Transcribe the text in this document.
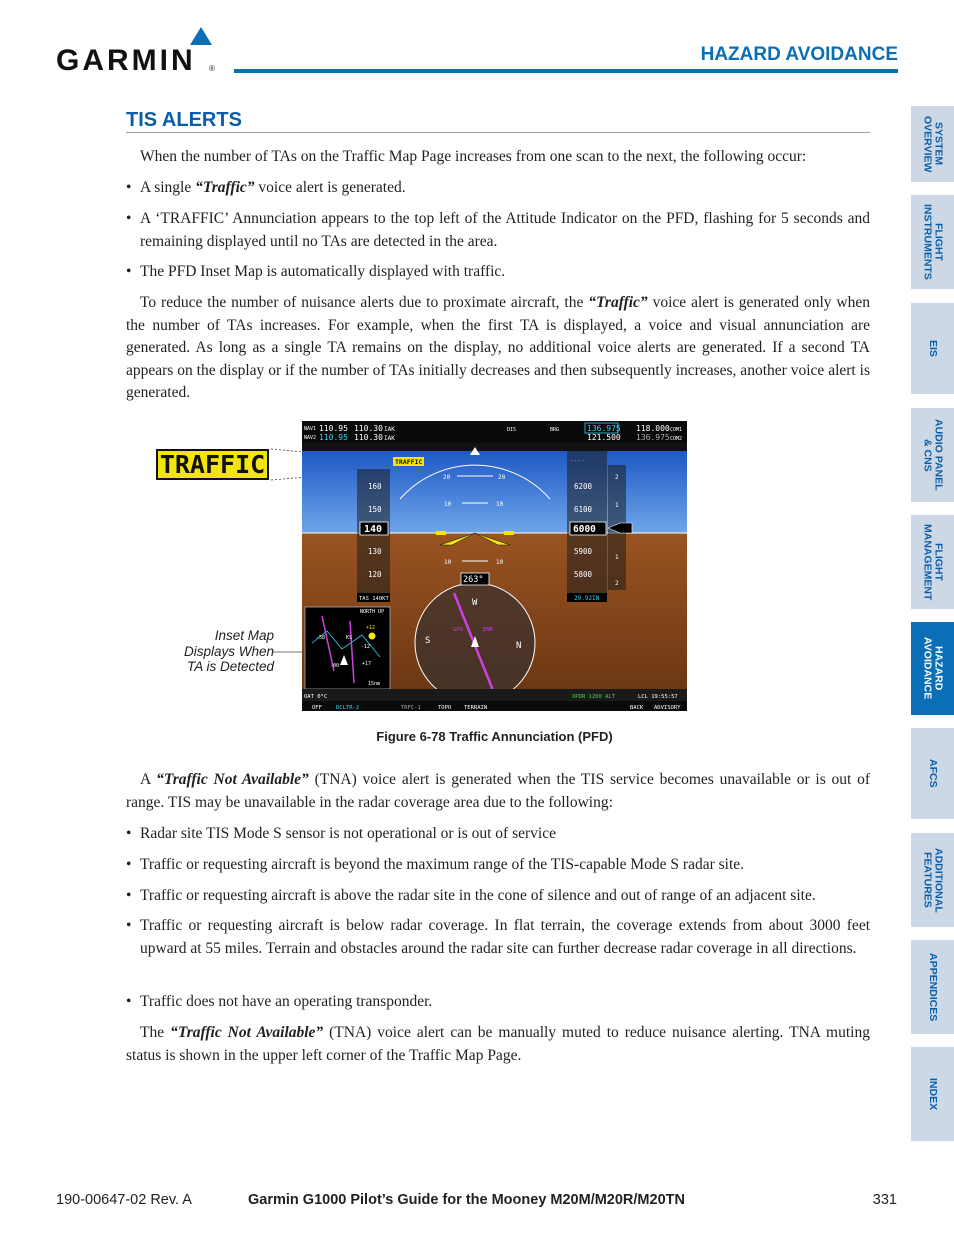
GARMIN ®
HAZARD AVOIDANCE
SYSTEM
OVERVIEW
FLIGHT
INSTRUMENTS
EIS
AUDIO PANEL
& CNS
FLIGHT
MANAGEMENT
HAZARD
AVOIDANCE
AFCS
ADDITIONAL
FEATURES
APPENDICES
INDEX
TIS ALERTS

When the number of TAs on the Traffic Map Page increases from one scan to the next, the following occur:

• A single “Traffic” voice alert is generated.

• A ‘TRAFFIC’ Annunciation appears to the top left of the Attitude Indicator on the PFD, flashing for 5 seconds and remaining displayed until no TAs are detected in the area.

• The PFD Inset Map is automatically displayed with traffic.

To reduce the number of nuisance alerts due to proximate aircraft, the “Traffic” voice alert is generated only when the number of TAs increases. For example, when the first TA is displayed, a voice and visual annunciation are generated. As long as a single TA remains on the display, no additional voice alerts are generated. If a second TA appears on the display or if the number of TAs initially decreases and then subsequently increases, another voice alert is generated.

TRAFFIC
Inset Map Displays When TA is Detected
NAV1
NAV2
110.95 110.30 IAK
110.95 110.30 IAK
DIS	BRG	136.975 118.000 COM1
121.500 136.975 COM2
TRAFFIC
20	20
10	10
10	10
160
150
130
120
140
TAS 140KT
----
6200
6100
5900
5800
6000
29.92IN
2
1
1
2
263°
W
S	N
GPS	ENR
NORTH UP
+12
-12
-58
-00	+17
15nm
KS
OAT 0°C	XPDR 1200 ALT	LCL 19:55:57
OFF	DCLTR-2	TRFC-1	TOPO TERRAIN	BACK ADVISORY
Figure 6-78 Traffic Annunciation (PFD)

A “Traffic Not Available” (TNA) voice alert is generated when the TIS service becomes unavailable or is out of range. TIS may be unavailable in the radar coverage area due to the following:

• Radar site TIS Mode S sensor is not operational or is out of service

• Traffic or requesting aircraft is beyond the maximum range of the TIS-capable Mode S radar site.

• Traffic or requesting aircraft is above the radar site in the cone of silence and out of range of an adjacent site.

• Traffic or requesting aircraft is below radar coverage. In flat terrain, the coverage extends from about 3000 feet upward at 55 miles. Terrain and obstacles around the radar site can further decrease radar coverage in all directions.

• Traffic does not have an operating transponder.

The “Traffic Not Available” (TNA) voice alert can be manually muted to reduce nuisance alerting. TNA muting status is shown in the upper left corner of the Traffic Map Page.

190-00647-02 Rev. A	Garmin G1000 Pilot’s Guide for the Mooney M20M/M20R/M20TN	331
